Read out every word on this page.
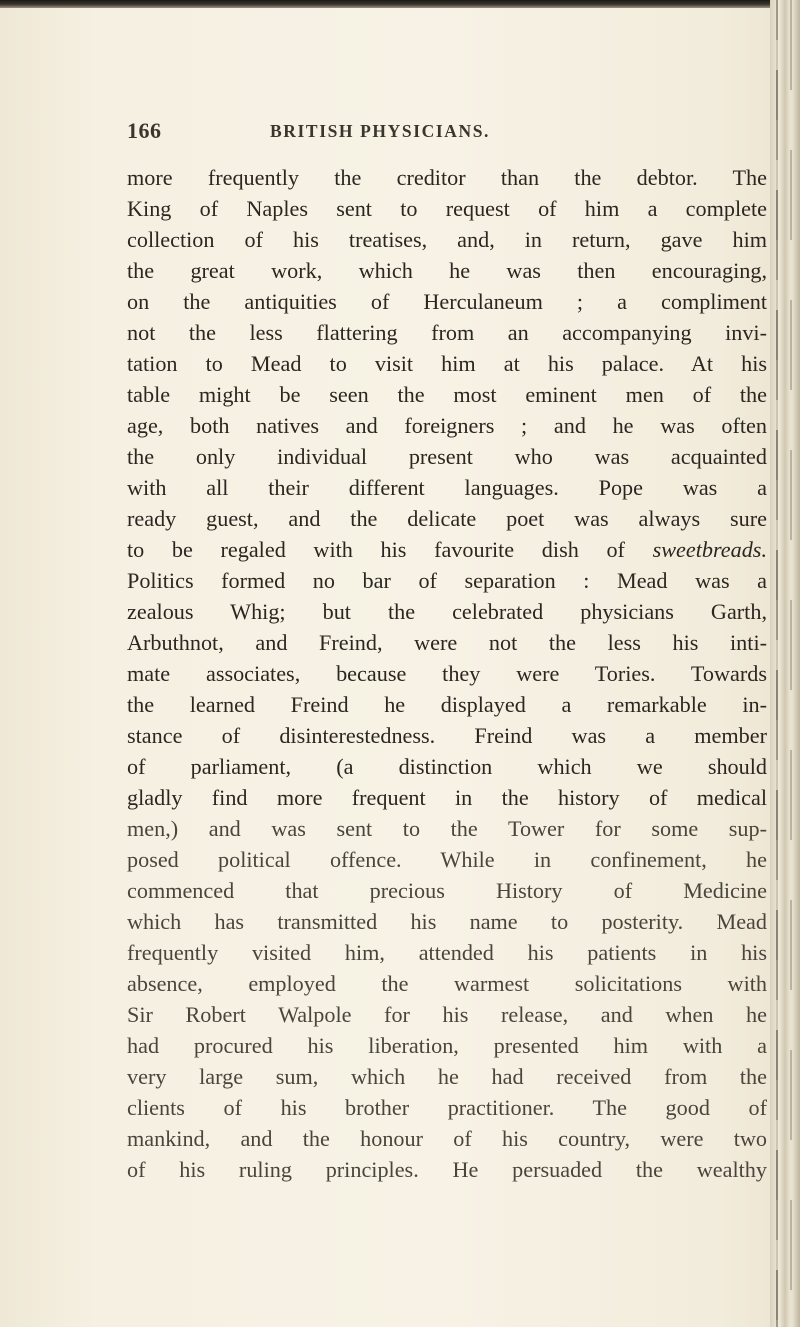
166	BRITISH PHYSICIANS.
more frequently the creditor than the debtor. The
King of Naples sent to request of him a complete
collection of his treatises, and, in return, gave him
the great work, which he was then encouraging,
on the antiquities of Herculaneum ; a compliment
not the less flattering from an accompanying invi-
tation to Mead to visit him at his palace. At his
table might be seen the most eminent men of the
age, both natives and foreigners ; and he was often
the only individual present who was acquainted
with all their different languages. Pope was a
ready guest, and the delicate poet was always sure
to be regaled with his favourite dish of sweetbreads.
Politics formed no bar of separation : Mead was a
zealous Whig; but the celebrated physicians Garth,
Arbuthnot, and Freind, were not the less his inti-
mate associates, because they were Tories. Towards
the learned Freind he displayed a remarkable in-
stance of disinterestedness. Freind was a member
of parliament, (a distinction which we should
gladly find more frequent in the history of medical
men,) and was sent to the Tower for some sup-
posed political offence. While in confinement, he
commenced that precious History of Medicine
which has transmitted his name to posterity. Mead
frequently visited him, attended his patients in his
absence, employed the warmest solicitations with
Sir Robert Walpole for his release, and when he
had procured his liberation, presented him with a
very large sum, which he had received from the
clients of his brother practitioner. The good of
mankind, and the honour of his country, were two
of his ruling principles. He persuaded the wealthy
